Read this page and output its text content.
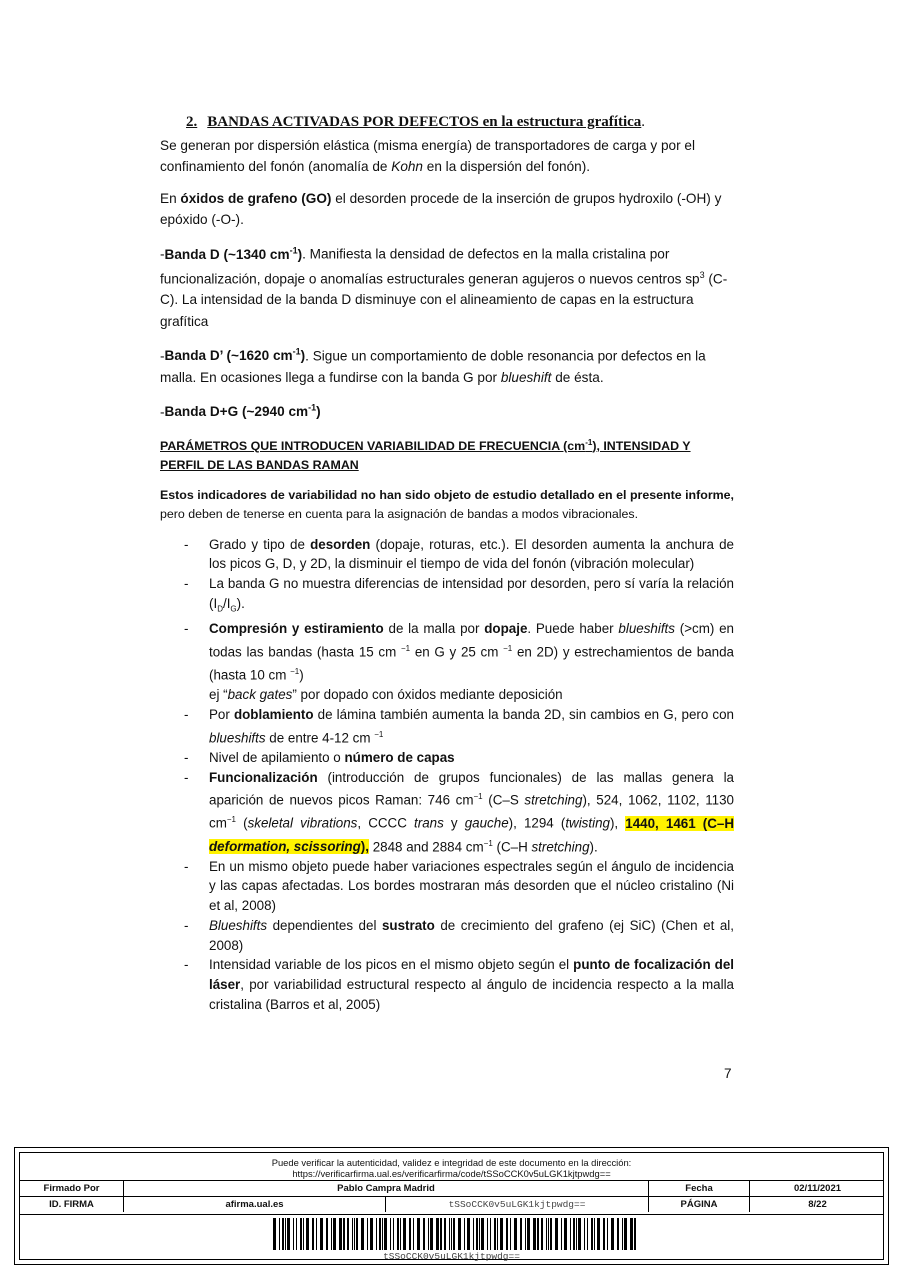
2. BANDAS ACTIVADAS POR DEFECTOS en la estructura grafítica.

Se generan por dispersión elástica (misma energía) de transportadores de carga y por el confinamiento del fonón (anomalía de Kohn en la dispersión del fonón).

En óxidos de grafeno (GO) el desorden procede de la inserción de grupos hydroxilo (-OH) y epóxido (-O-).

-Banda D (~1340 $cm^{-1}$). Manifiesta la densidad de defectos en la malla cristalina por funcionalización, dopaje o anomalías estructurales generan agujeros o nuevos centros $sp^3$ (C-C). La intensidad de la banda D disminuye con el alineamiento de capas en la estructura grafítica

-Banda D’ (~1620 $cm^{-1}$). Sigue un comportamiento de doble resonancia por defectos en la malla. En ocasiones llega a fundirse con la banda G por blueshift de ésta.

-Banda D+G (~2940 $cm^{-1}$)

PARÁMETROS QUE INTRODUCEN VARIABILIDAD DE FRECUENCIA $(cm^{-1})$, INTENSIDAD Y PERFIL DE LAS BANDAS RAMAN

Estos indicadores de variabilidad no han sido objeto de estudio detallado en el presente informe, pero deben de tenerse en cuenta para la asignación de bandas a modos vibracionales.

- Grado y tipo de desorden (dopaje, roturas, etc.). El desorden aumenta la anchura de los picos G, D, y 2D, la disminuir el tiempo de vida del fonón (vibración molecular)
- La banda G no muestra diferencias de intensidad por desorden, pero sí varía la relación $(I_D/I_G)$.
- Compresión y estiramiento de la malla por dopaje. Puede haber blueshifts (>cm) en todas las bandas (hasta 15 cm $^{-1}$ en G y 25 cm $^{-1}$ en 2D) y estrechamientos de banda (hasta 10 cm $^{-1}$)
ej “back gates” por dopado con óxidos mediante deposición
- Por doblamiento de lámina también aumenta la banda 2D, sin cambios en G, pero con blueshifts de entre 4-12 cm $^{-1}$
- Nivel de apilamiento o número de capas
- Funcionalización (introducción de grupos funcionales) de las mallas genera la aparición de nuevos picos Raman: 746 $cm^{-1}$ (C–S stretching), 524, 1062, 1102, 1130 $cm^{-1}$ (skeletal vibrations, CCCC trans y gauche), 1294 (twisting), 1440, 1461 (C–H deformation, scissoring), 2848 and 2884 $cm^{-1}$ (C–H stretching).
- En un mismo objeto puede haber variaciones espectrales según el ángulo de incidencia y las capas afectadas. Los bordes mostraran más desorden que el núcleo cristalino (Ni et al, 2008)
- Blueshifts dependientes del sustrato de crecimiento del grafeno (ej SiC) (Chen et al, 2008)
- Intensidad variable de los picos en el mismo objeto según el punto de focalización del láser, por variabilidad estructural respecto al ángulo de incidencia respecto a la malla cristalina (Barros et al, 2005)
7
Puede verificar la autenticidad, validez e integridad de este documento en la dirección:
https://verificarfirma.ual.es/verificarfirma/code/tSSoCCK0v5uLGK1kjtpwdg==
Firmado Por	Pablo Campra Madrid	Fecha	02/11/2021
ID. FIRMA	afirma.ual.es	tSSoCCK0v5uLGK1kjtpwdg==	PÁGINA	8/22
tSSoCCK0v5uLGK1kjtpwdg==
